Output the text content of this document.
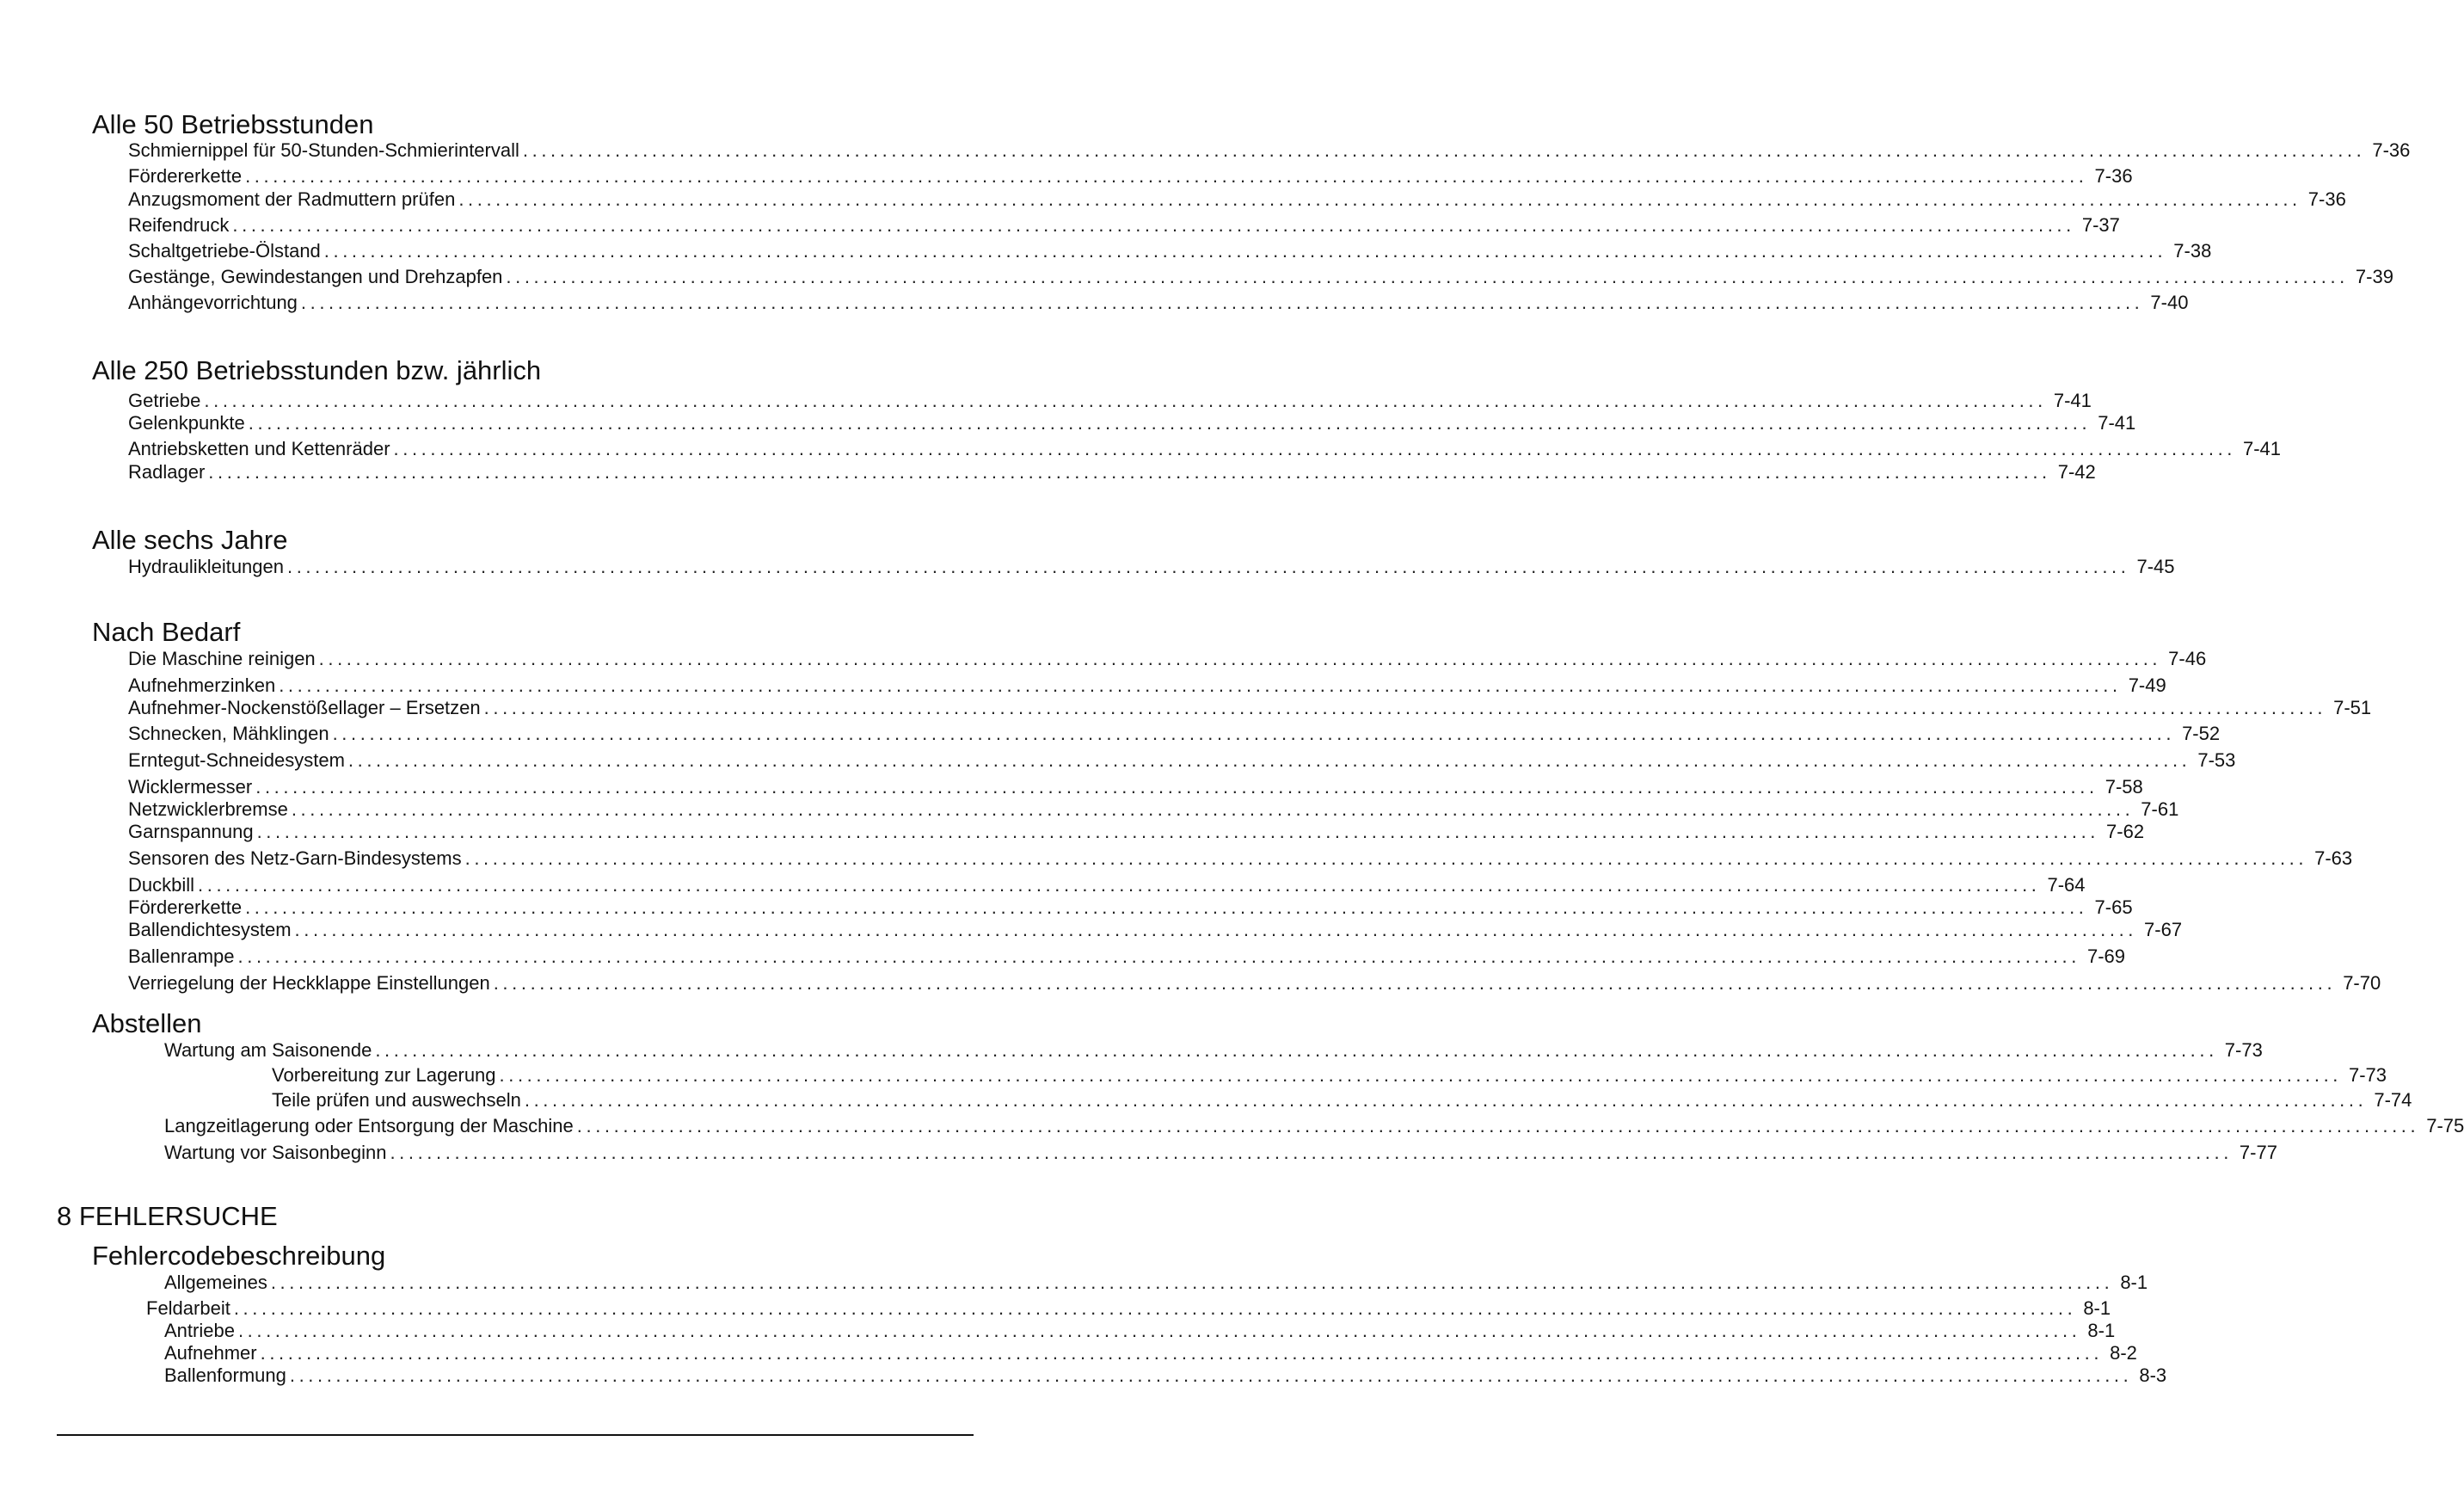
Alle 50 Betriebsstunden
Schmiernippel für 50-Stunden-Schmierintervall ........................................................................................................................................................................................................ 7-36
Fördererkette ........................................................................................................................................................................................................ 7-36
Anzugsmoment der Radmuttern prüfen ........................................................................................................................................................................................................ 7-36
Reifendruck ........................................................................................................................................................................................................ 7-37
Schaltgetriebe-Ölstand ........................................................................................................................................................................................................ 7-38
Gestänge, Gewindestangen und Drehzapfen ........................................................................................................................................................................................................ 7-39
Anhängevorrichtung ........................................................................................................................................................................................................ 7-40
Alle 250 Betriebsstunden bzw. jährlich
Getriebe ........................................................................................................................................................................................................ 7-41
Gelenkpunkte ........................................................................................................................................................................................................ 7-41
Antriebsketten und Kettenräder ........................................................................................................................................................................................................ 7-41
Radlager ........................................................................................................................................................................................................ 7-42
Alle sechs Jahre
Hydraulikleitungen ........................................................................................................................................................................................................ 7-45
Nach Bedarf
Die Maschine reinigen ........................................................................................................................................................................................................ 7-46
Aufnehmerzinken ........................................................................................................................................................................................................ 7-49
Aufnehmer-Nockenstößellager – Ersetzen ........................................................................................................................................................................................................ 7-51
Schnecken, Mähklingen ........................................................................................................................................................................................................ 7-52
Erntegut-Schneidesystem ........................................................................................................................................................................................................ 7-53
Wicklermesser ........................................................................................................................................................................................................ 7-58
Netzwicklerbremse ........................................................................................................................................................................................................ 7-61
Garnspannung ........................................................................................................................................................................................................ 7-62
Sensoren des Netz-Garn-Bindesystems ........................................................................................................................................................................................................ 7-63
Duckbill ........................................................................................................................................................................................................ 7-64
Fördererkette ........................................................................................................................................................................................................ 7-65
Ballendichtesystem ........................................................................................................................................................................................................ 7-67
Ballenrampe ........................................................................................................................................................................................................ 7-69
Verriegelung der Heckklappe Einstellungen ........................................................................................................................................................................................................ 7-70
Abstellen
Wartung am Saisonende ........................................................................................................................................................................................................ 7-73
Vorbereitung zur Lagerung ........................................................................................................................................................................................................ 7-73
Teile prüfen und auswechseln ........................................................................................................................................................................................................ 7-74
Langzeitlagerung oder Entsorgung der Maschine ........................................................................................................................................................................................................ 7-75
Wartung vor Saisonbeginn ........................................................................................................................................................................................................ 7-77
8 FEHLERSUCHE
Fehlercodebeschreibung
Allgemeines ........................................................................................................................................................................................................ 8-1
Feldarbeit ........................................................................................................................................................................................................ 8-1
Antriebe ........................................................................................................................................................................................................ 8-1
Aufnehmer ........................................................................................................................................................................................................ 8-2
Ballenformung ........................................................................................................................................................................................................ 8-3
